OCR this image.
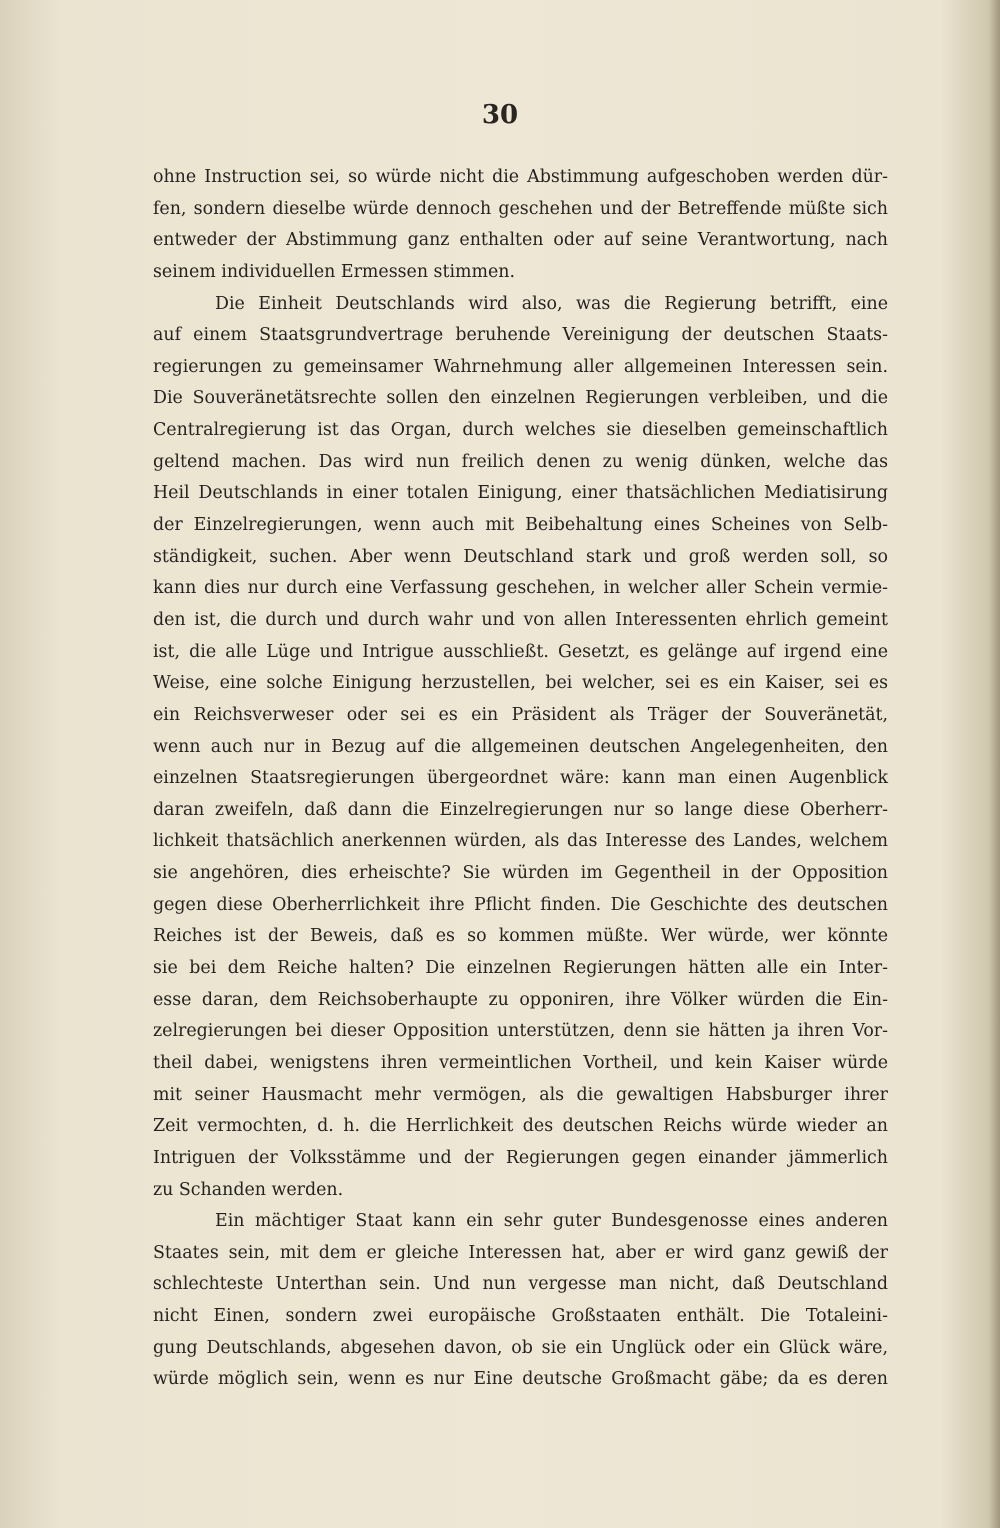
30
ohne Instruction sei, so würde nicht die Abstimmung aufgeschoben werden dür-
fen, sondern dieselbe würde dennoch geschehen und der Betreffende müßte sich
entweder der Abstimmung ganz enthalten oder auf seine Verantwortung, nach
seinem individuellen Ermessen stimmen.
Die Einheit Deutschlands wird also, was die Regierung betrifft, eine
auf einem Staatsgrundvertrage beruhende Vereinigung der deutschen Staats-
regierungen zu gemeinsamer Wahrnehmung aller allgemeinen Interessen sein.
Die Souveränetätsrechte sollen den einzelnen Regierungen verbleiben, und die
Centralregierung ist das Organ, durch welches sie dieselben gemeinschaftlich
geltend machen. Das wird nun freilich denen zu wenig dünken, welche das
Heil Deutschlands in einer totalen Einigung, einer thatsächlichen Mediatisirung
der Einzelregierungen, wenn auch mit Beibehaltung eines Scheines von Selb-
ständigkeit, suchen. Aber wenn Deutschland stark und groß werden soll, so
kann dies nur durch eine Verfassung geschehen, in welcher aller Schein vermie-
den ist, die durch und durch wahr und von allen Interessenten ehrlich gemeint
ist, die alle Lüge und Intrigue ausschließt. Gesetzt, es gelänge auf irgend eine
Weise, eine solche Einigung herzustellen, bei welcher, sei es ein Kaiser, sei es
ein Reichsverweser oder sei es ein Präsident als Träger der Souveränetät,
wenn auch nur in Bezug auf die allgemeinen deutschen Angelegenheiten, den
einzelnen Staatsregierungen übergeordnet wäre: kann man einen Augenblick
daran zweifeln, daß dann die Einzelregierungen nur so lange diese Oberherr-
lichkeit thatsächlich anerkennen würden, als das Interesse des Landes, welchem
sie angehören, dies erheischte? Sie würden im Gegentheil in der Opposition
gegen diese Oberherrlichkeit ihre Pflicht finden. Die Geschichte des deutschen
Reiches ist der Beweis, daß es so kommen müßte. Wer würde, wer könnte
sie bei dem Reiche halten? Die einzelnen Regierungen hätten alle ein Inter-
esse daran, dem Reichsoberhaupte zu opponiren, ihre Völker würden die Ein-
zelregierungen bei dieser Opposition unterstützen, denn sie hätten ja ihren Vor-
theil dabei, wenigstens ihren vermeintlichen Vortheil, und kein Kaiser würde
mit seiner Hausmacht mehr vermögen, als die gewaltigen Habsburger ihrer
Zeit vermochten, d. h. die Herrlichkeit des deutschen Reichs würde wieder an
Intriguen der Volksstämme und der Regierungen gegen einander jämmerlich
zu Schanden werden.
Ein mächtiger Staat kann ein sehr guter Bundesgenosse eines anderen
Staates sein, mit dem er gleiche Interessen hat, aber er wird ganz gewiß der
schlechteste Unterthan sein. Und nun vergesse man nicht, daß Deutschland
nicht Einen, sondern zwei europäische Großstaaten enthält. Die Totaleini-
gung Deutschlands, abgesehen davon, ob sie ein Unglück oder ein Glück wäre,
würde möglich sein, wenn es nur Eine deutsche Großmacht gäbe; da es deren
